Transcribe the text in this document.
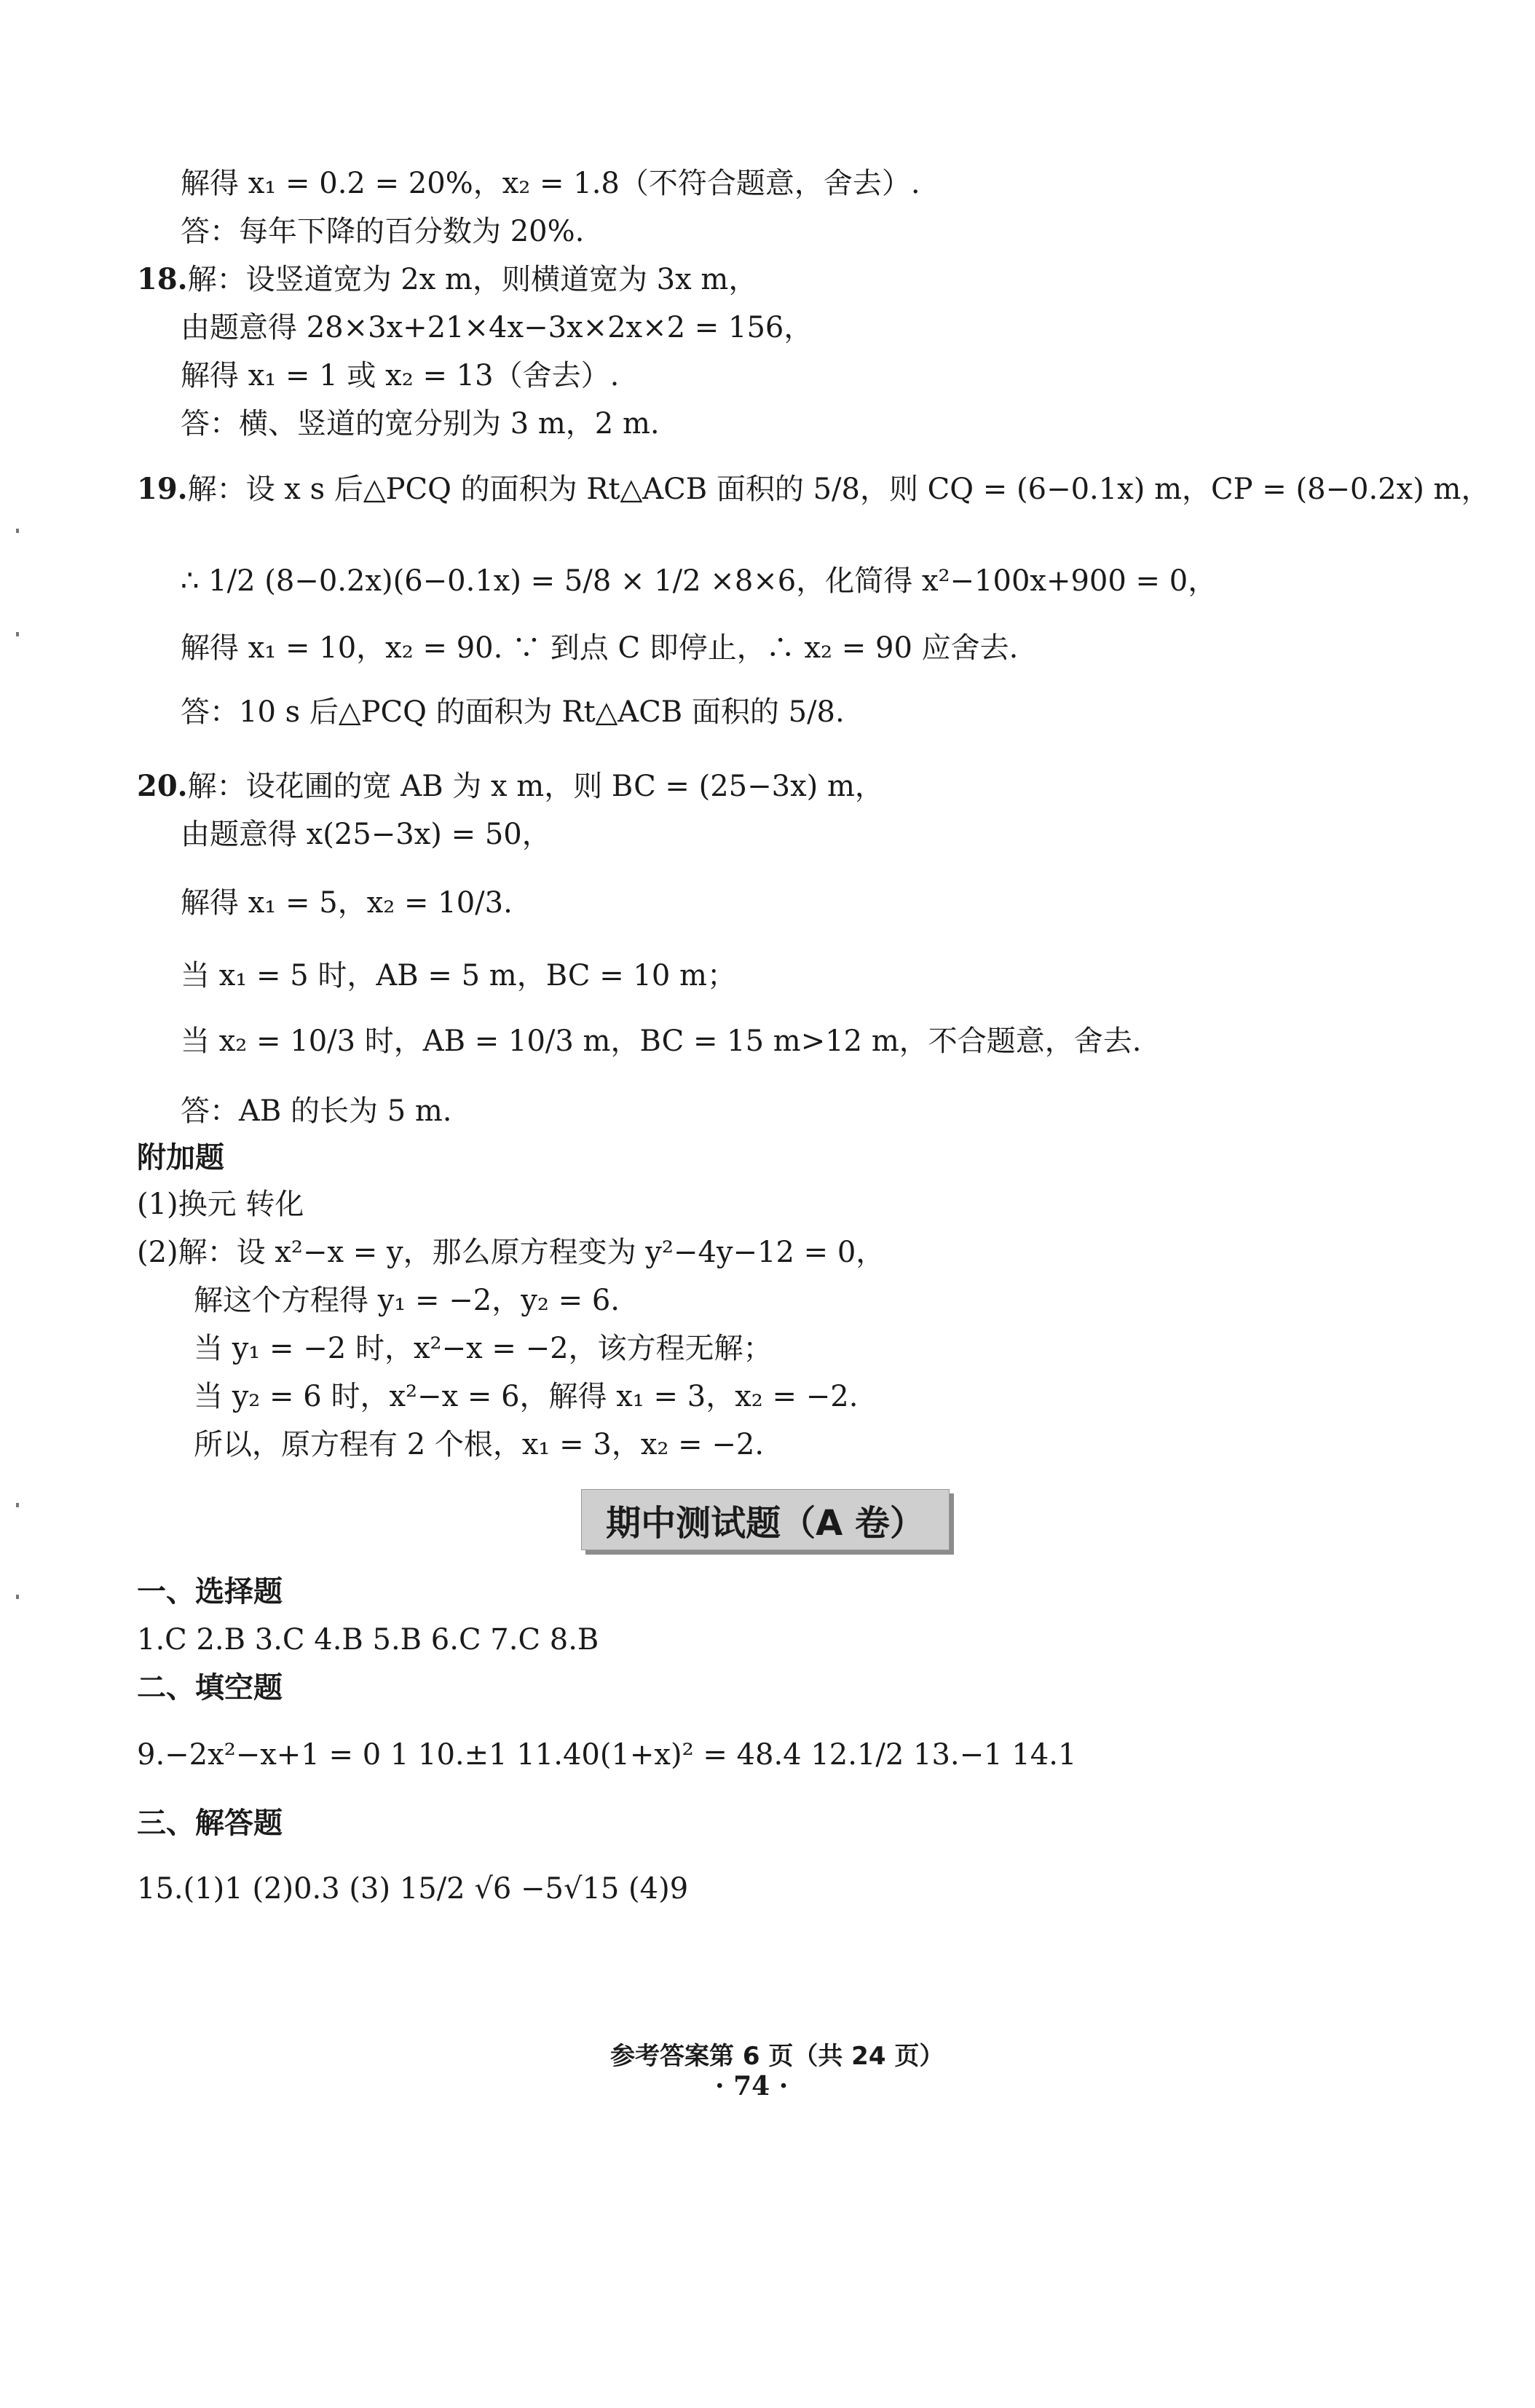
解得 x₁ = 0.2 = 20%，x₂ = 1.8（不符合题意，舍去）.
答：每年下降的百分数为 20%.
18.解：设竖道宽为 2x m，则横道宽为 3x m，
由题意得 28×3x+21×4x−3x×2x×2 = 156，
解得 x₁ = 1 或 x₂ = 13（舍去）.
答：横、竖道的宽分别为 3 m，2 m.
19.解：设 x s 后△PCQ 的面积为 Rt△ACB 面积的 5/8，则 CQ = (6−0.1x) m，CP = (8−0.2x) m，
∴ 1/2 (8−0.2x)(6−0.1x) = 5/8 × 1/2 ×8×6，化简得 x²−100x+900 = 0，
解得 x₁ = 10，x₂ = 90. ∵ 到点 C 即停止，∴ x₂ = 90 应舍去.
答：10 s 后△PCQ 的面积为 Rt△ACB 面积的 5/8.
20.解：设花圃的宽 AB 为 x m，则 BC = (25−3x) m，
由题意得 x(25−3x) = 50，
解得 x₁ = 5，x₂ = 10/3.
当 x₁ = 5 时，AB = 5 m，BC = 10 m；
当 x₂ = 10/3 时，AB = 10/3 m，BC = 15 m>12 m，不合题意，舍去.
答：AB 的长为 5 m.
附加题
(1)换元 转化
(2)解：设 x²−x = y，那么原方程变为 y²−4y−12 = 0，
解这个方程得 y₁ = −2，y₂ = 6.
当 y₁ = −2 时，x²−x = −2，该方程无解；
当 y₂ = 6 时，x²−x = 6，解得 x₁ = 3，x₂ = −2.
所以，原方程有 2 个根，x₁ = 3，x₂ = −2.
期中测试题（A 卷）
一、选择题
1.C 2.B 3.C 4.B 5.B 6.C 7.C 8.B
二、填空题
9.−2x²−x+1 = 0 1 10.±1 11.40(1+x)² = 48.4 12.1/2 13.−1 14.1
三、解答题
15.(1)1 (2)0.3 (3) 15/2 √6 −5√15 (4)9
参考答案第 6 页（共 24 页）
· 74 ·
